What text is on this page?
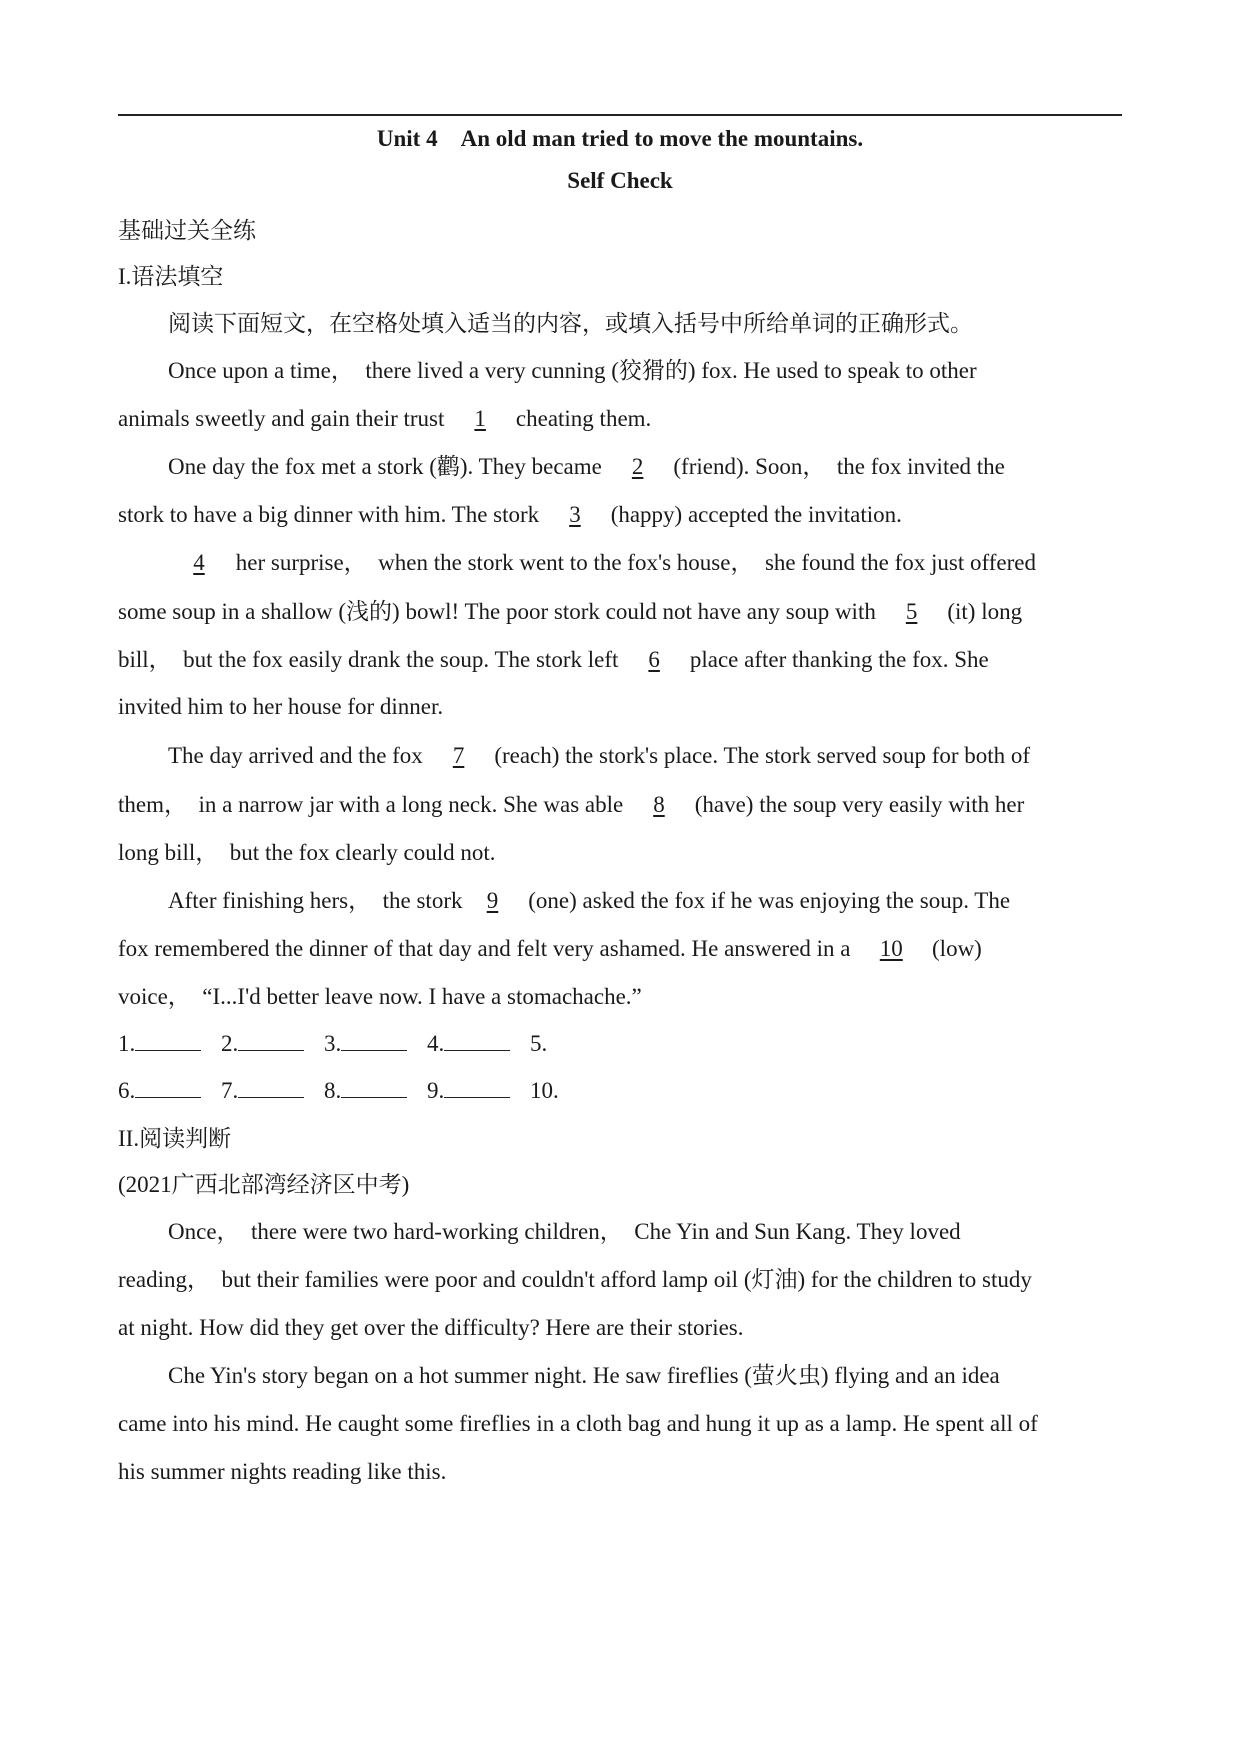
Unit 4　An old man tried to move the mountains.
Self Check
基础过关全练
I.语法填空
阅读下面短文，在空格处填入适当的内容，或填入括号中所给单词的正确形式。
Once upon a time，　there lived a very cunning (狡猾的) fox. He used to speak to other
animals sweetly and gain their trust 1 cheating them.
One day the fox met a stork (鹳). They became 2 (friend). Soon，　the fox invited the
stork to have a big dinner with him. The stork 3 (happy) accepted the invitation.
4 her surprise，　when the stork went to the fox's house，　she found the fox just offered
some soup in a shallow (浅的) bowl! The poor stork could not have any soup with 5 (it) long
bill，　but the fox easily drank the soup. The stork left 6 place after thanking the fox. She
invited him to her house for dinner.
The day arrived and the fox 7 (reach) the stork's place. The stork served soup for both of
them，　in a narrow jar with a long neck. She was able 8 (have) the soup very easily with her
long bill，　but the fox clearly could not.
After finishing hers，　the stork 9 (one) asked the fox if he was enjoying the soup. The
fox remembered the dinner of that day and felt very ashamed. He answered in a 10 (low)
voice，　“I...I'd better leave now. I have a stomachache.”
1.	2.	3.	4.	5.
6.	7.	8.	9.	10.
II.阅读判断
(2021广西北部湾经济区中考)
Once，　there were two hard-working children，　Che Yin and Sun Kang. They loved
reading，　but their families were poor and couldn't afford lamp oil (灯油) for the children to study
at night. How did they get over the difficulty? Here are their stories.
Che Yin's story began on a hot summer night. He saw fireflies (萤火虫) flying and an idea
came into his mind. He caught some fireflies in a cloth bag and hung it up as a lamp. He spent all of
his summer nights reading like this.
